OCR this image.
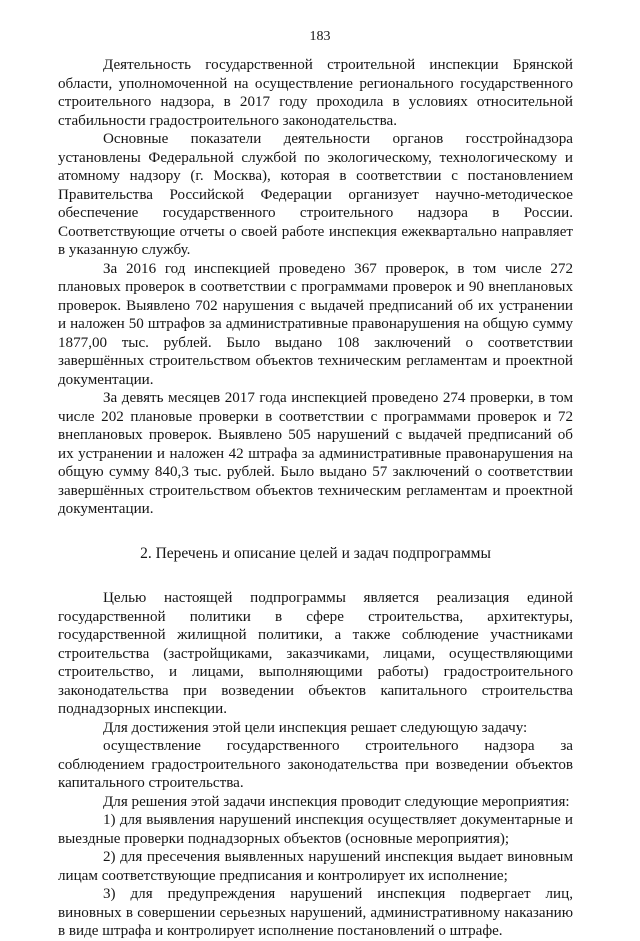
183

Деятельность государственной строительной инспекции Брянской области, уполномоченной на осуществление регионального государственного строительного надзора, в 2017 году проходила в условиях относительной стабильности градостроительного законодательства.

Основные показатели деятельности органов госстройнадзора установлены Федеральной службой по экологическому, технологическому и атомному надзору (г. Москва), которая в соответствии с постановлением Правительства Российской Федерации организует научно-методическое обеспечение государственного строительного надзора в России. Соответствующие отчеты о своей работе инспекция ежеквартально направляет в указанную службу.

За 2016 год инспекцией проведено 367 проверок, в том числе 272 плановых проверок в соответствии с программами проверок и 90 внеплановых проверок. Выявлено 702 нарушения с выдачей предписаний об их устранении и наложен 50 штрафов за административные правонарушения на общую сумму 1877,00 тыс. рублей. Было выдано 108 заключений о соответствии завершённых строительством объектов техническим регламентам и проектной документации.

За девять месяцев 2017 года инспекцией проведено 274 проверки, в том числе 202 плановые проверки в соответствии с программами проверок и 72 внеплановых проверок. Выявлено 505 нарушений с выдачей предписаний об их устранении и наложен 42 штрафа за административные правонарушения на общую сумму 840,3 тыс. рублей. Было выдано 57 заключений о соответствии завершённых строительством объектов техническим регламентам и проектной документации.

2. Перечень и описание целей и задач подпрограммы

Целью настоящей подпрограммы является реализация единой государственной политики в сфере строительства, архитектуры, государственной жилищной политики, а также соблюдение участниками строительства (застройщиками, заказчиками, лицами, осуществляющими строительство, и лицами, выполняющими работы) градостроительного законодательства при возведении объектов капитального строительства поднадзорных инспекции.

Для достижения этой цели инспекция решает следующую задачу:

осуществление государственного строительного надзора за соблюдением градостроительного законодательства при возведении объектов капитального строительства.

Для решения этой задачи инспекция проводит следующие мероприятия:

1) для выявления нарушений инспекция осуществляет документарные и выездные проверки поднадзорных объектов (основные мероприятия);

2) для пресечения выявленных нарушений инспекция выдает виновным лицам соответствующие предписания и контролирует их исполнение;

3) для предупреждения нарушений инспекция подвергает лиц, виновных в совершении серьезных нарушений, административному наказанию в виде штрафа и контролирует исполнение постановлений о штрафе.
